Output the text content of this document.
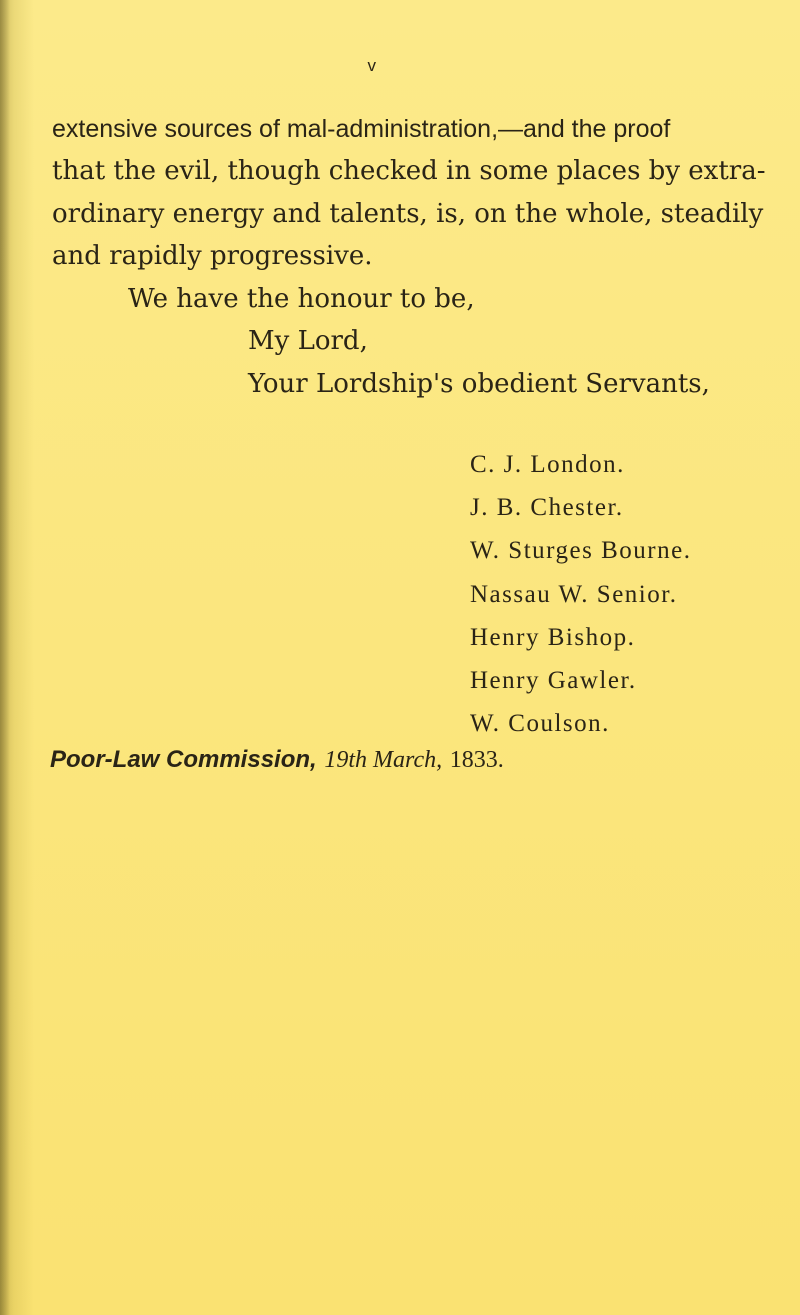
v
extensive sources of mal-administration,—and the proof
that the evil, though checked in some places by extra-
ordinary energy and talents, is, on the whole, steadily
and rapidly progressive.
We have the honour to be,
My Lord,
Your Lordship's obedient Servants,
C. J. London.
J. B. Chester.
W. Sturges Bourne.
Nassau W. Senior.
Henry Bishop.
Henry Gawler.
W. Coulson.
Poor-Law Commission, 19th March, 1833.
